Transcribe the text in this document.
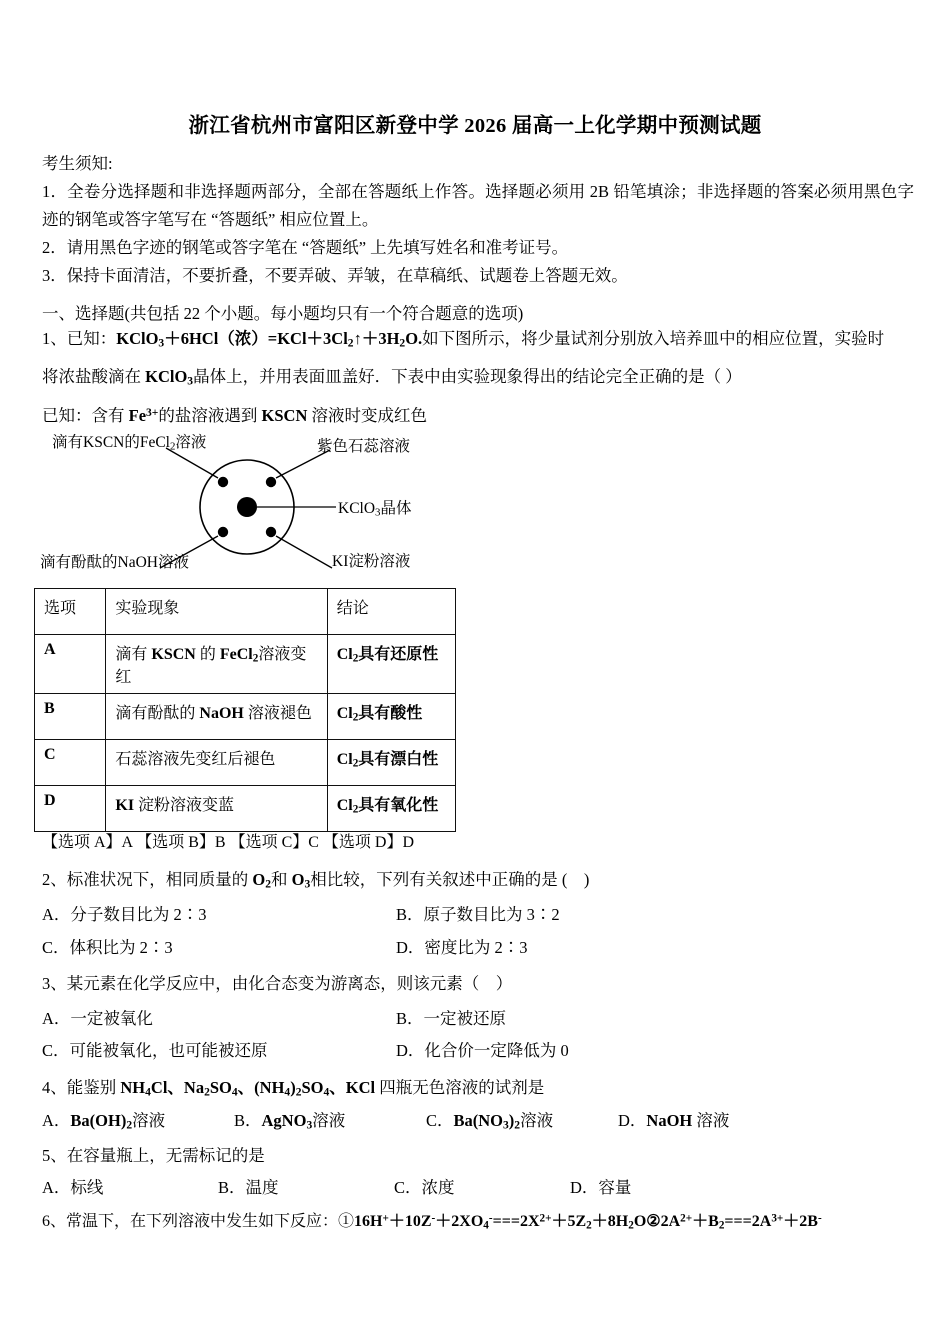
浙江省杭州市富阳区新登中学 2026 届高一上化学期中预测试题
考生须知:
1．全卷分选择题和非选择题两部分，全部在答题纸上作答。选择题必须用 2B 铅笔填涂；非选择题的答案必须用黑色字迹的钢笔或答字笔写在 “答题纸” 相应位置上。
2．请用黑色字迹的钢笔或答字笔在 “答题纸” 上先填写姓名和准考证号。
3．保持卡面清洁，不要折叠，不要弄破、弄皱，在草稿纸、试题卷上答题无效。
一、选择题(共包括 22 个小题。每小题均只有一个符合题意的选项)
1、已知：KClO$_3$＋6HCl（浓）$=KCl+3Cl_2↑+3H_2O$.如下图所示，将少量试剂分别放入培养皿中的相应位置，实验时
将浓盐酸滴在 KClO$_3$晶体上，并用表面皿盖好．下表中由实验现象得出的结论完全正确的是（ ）
已知：含有 $Fe^{3+}$的盐溶液遇到 KSCN 溶液时变成红色
滴有KSCN的FeCl$_2$溶液	紫色石蕊溶液
KClO$_3$晶体
滴有酚酞的NaOH溶液	KI淀粉溶液
选项	实验现象	结论
A	滴有 KSCN 的 FeCl$_2$溶液变红	$Cl_2$具有还原性
B	滴有酚酞的 NaOH 溶液褪色	$Cl_2$具有酸性
C	石蕊溶液先变红后褪色	$Cl_2$具有漂白性
D	KI 淀粉溶液变蓝	$Cl_2$具有氧化性
【选项 A】A 【选项 B】B 【选项 C】C 【选项 D】D
2、标准状况下，相同质量的 $O_2$和 $O_3$相比较，下列有关叙述中正确的是 (　)
A．分子数目比为 2∶3	B．原子数目比为 3∶2
C．体积比为 2∶3	D．密度比为 2∶3
3、某元素在化学反应中，由化合态变为游离态，则该元素（　）
A．一定被氧化	B．一定被还原
C．可能被氧化，也可能被还原	D．化合价一定降低为 0
4、能鉴别 $NH_4Cl$、$Na_2SO_4$、$(NH_4)_2SO_4$、KCl 四瓶无色溶液的试剂是
A．$Ba(OH)_2$溶液	B．AgNO$_3$溶液	C．$Ba(NO_3)_2$溶液	D．NaOH 溶液
5、在容量瓶上，无需标记的是
A．标线	B．温度	C．浓度	D．容量
6、常温下，在下列溶液中发生如下反应：$①16H^++10Z^-+2XO_4^-===2X^{2+}+5Z_2+8H_2O②2A^{2+}+B_2===2A^{3+}+2B^-$
